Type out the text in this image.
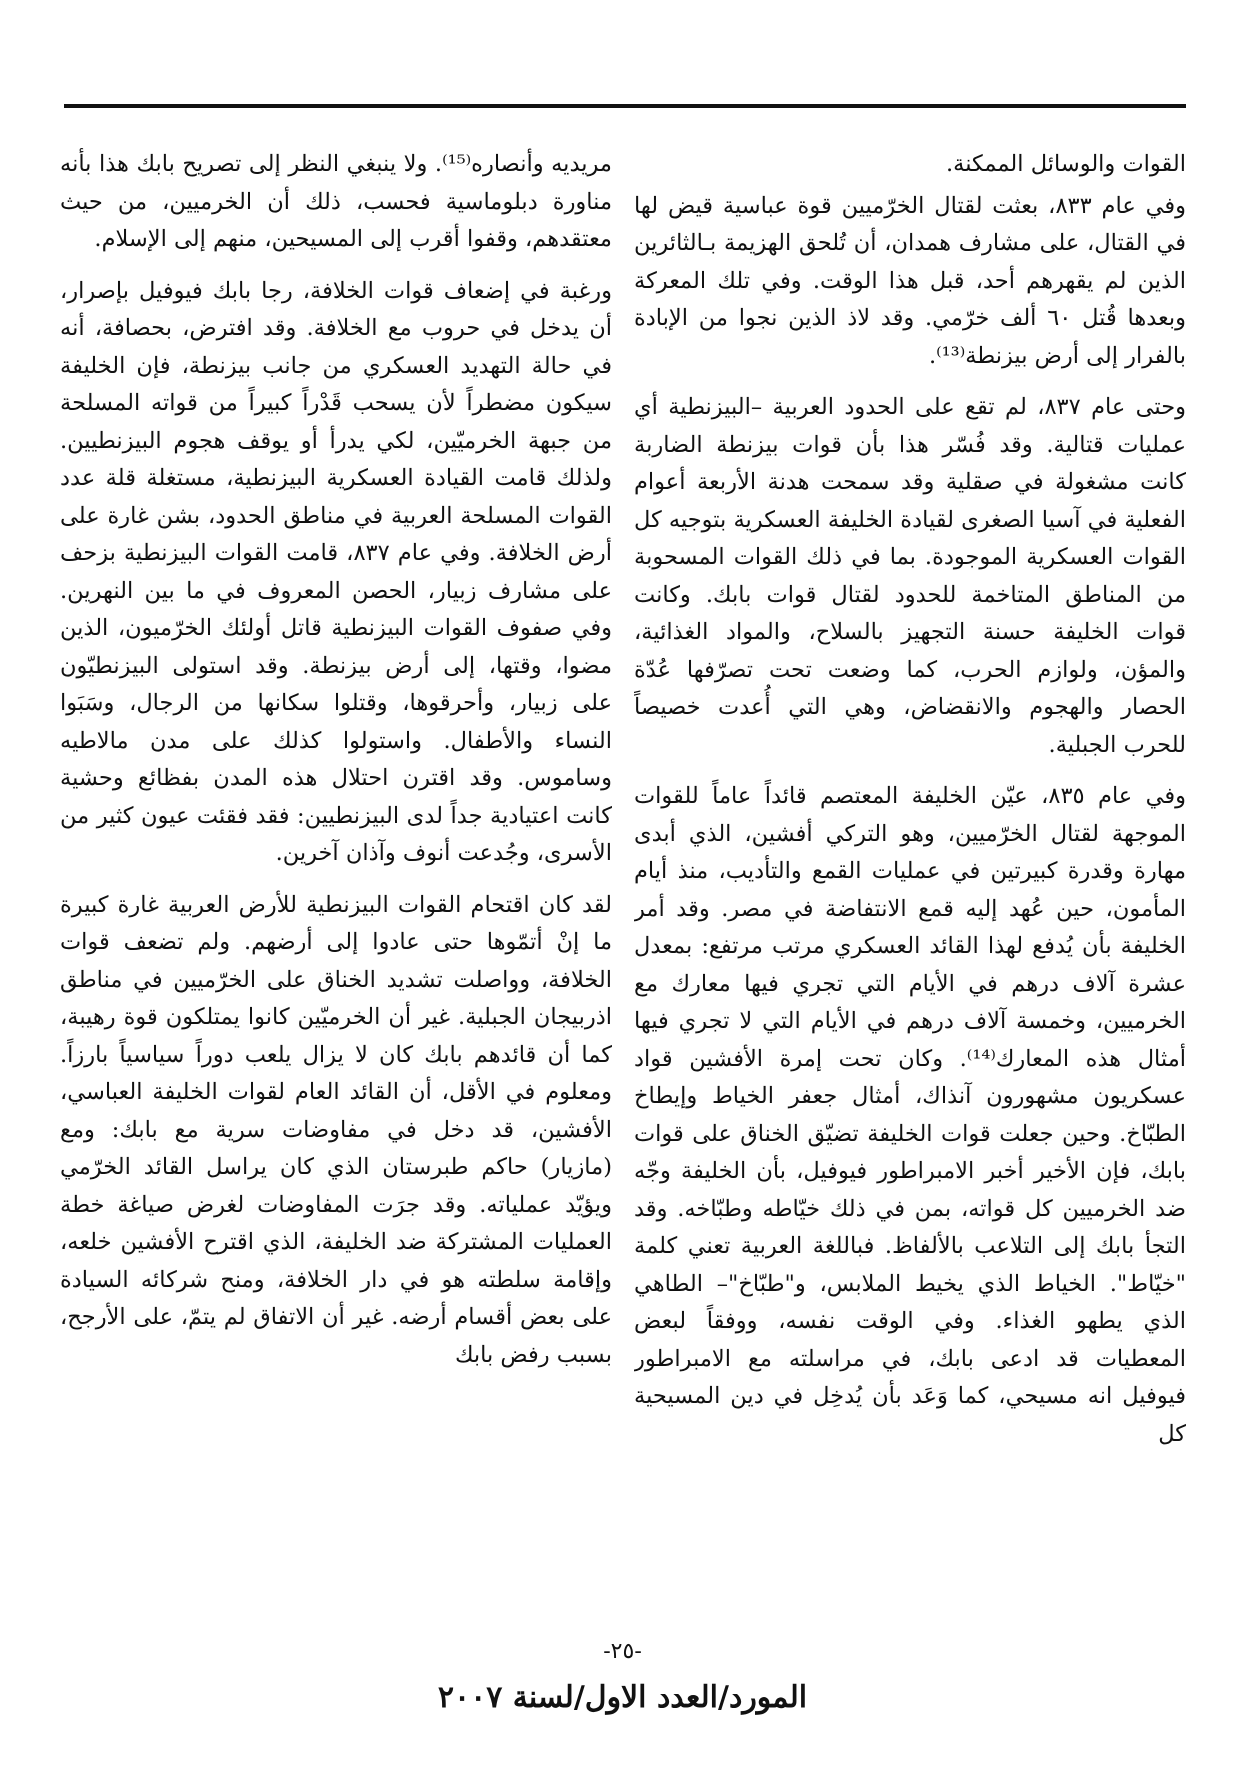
القوات والوسائل الممكنة.

وفي عام ٨٣٣، بعثت لقتال الخرّميين قوة عباسية قيض لها في القتال، على مشارف همدان، أن تُلحق الهزيمة بـالثائرين الذين لم يقهرهم أحد، قبل هذا الوقت. وفي تلك المعركة وبعدها قُتل ٦٠ ألف خرّمي. وقد لاذ الذين نجوا من الإبادة بالفرار إلى أرض بيزنطة⁽¹³⁾.

وحتى عام ٨٣٧، لم تقع على الحدود العربية –البيزنطية أي عمليات قتالية. وقد فُسّر هذا بأن قوات بيزنطة الضاربة كانت مشغولة في صقلية وقد سمحت هدنة الأربعة أعوام الفعلية في آسيا الصغرى لقيادة الخليفة العسكرية بتوجيه كل القوات العسكرية الموجودة. بما في ذلك القوات المسحوبة من المناطق المتاخمة للحدود لقتال قوات بابك. وكانت قوات الخليفة حسنة التجهيز بالسلاح، والمواد الغذائية، والمؤن، ولوازم الحرب، كما وضعت تحت تصرّفها عُدّة الحصار والهجوم والانقضاض، وهي التي أُعدت خصيصاً للحرب الجبلية.

وفي عام ٨٣٥، عيّن الخليفة المعتصم قائداً عاماً للقوات الموجهة لقتال الخرّميين، وهو التركي أفشين، الذي أبدى مهارة وقدرة كبيرتين في عمليات القمع والتأديب، منذ أيام المأمون، حين عُهد إليه قمع الانتفاضة في مصر. وقد أمر الخليفة بأن يُدفع لهذا القائد العسكري مرتب مرتفع: بمعدل عشرة آلاف درهم في الأيام التي تجري فيها معارك مع الخرميين، وخمسة آلاف درهم في الأيام التي لا تجري فيها أمثال هذه المعارك⁽¹⁴⁾. وكان تحت إمرة الأفشين قواد عسكريون مشهورون آنذاك، أمثال جعفر الخياط وإيطاخ الطبّاخ. وحين جعلت قوات الخليفة تضيّق الخناق على قوات بابك، فإن الأخير أخبر الامبراطور فيوفيل، بأن الخليفة وجّه ضد الخرميين كل قواته، بمن في ذلك خيّاطه وطبّاخه. وقد التجأ بابك إلى التلاعب بالألفاظ. فباللغة العربية تعني كلمة "خيّاط". الخياط الذي يخيط الملابس، و"طبّاخ"– الطاهي الذي يطهو الغذاء. وفي الوقت نفسه، ووفقاً لبعض المعطيات قد ادعى بابك، في مراسلته مع الامبراطور فيوفيل انه مسيحي، كما وَعَد بأن يُدخِل في دين المسيحية كل

مريديه وأنصاره⁽¹⁵⁾. ولا ينبغي النظر إلى تصريح بابك هذا بأنه مناورة دبلوماسية فحسب، ذلك أن الخرميين، من حيث معتقدهم، وقفوا أقرب إلى المسيحين، منهم إلى الإسلام.

ورغبة في إضعاف قوات الخلافة، رجا بابك فيوفيل بإصرار، أن يدخل في حروب مع الخلافة. وقد افترض، بحصافة، أنه في حالة التهديد العسكري من جانب بيزنطة، فإن الخليفة سيكون مضطراً لأن يسحب قَدْراً كبيراً من قواته المسلحة من جبهة الخرميّين، لكي يدرأ أو يوقف هجوم البيزنطيين. ولذلك قامت القيادة العسكرية البيزنطية، مستغلة قلة عدد القوات المسلحة العربية في مناطق الحدود، بشن غارة على أرض الخلافة. وفي عام ٨٣٧، قامت القوات البيزنطية بزحف على مشارف زبيار، الحصن المعروف في ما بين النهرين. وفي صفوف القوات البيزنطية قاتل أولئك الخرّميون، الذين مضوا، وقتها، إلى أرض بيزنطة. وقد استولى البيزنطيّون على زبيار، وأحرقوها، وقتلوا سكانها من الرجال، وسَبَوا النساء والأطفال. واستولوا كذلك على مدن مالاطيه وساموس. وقد اقترن احتلال هذه المدن بفظائع وحشية كانت اعتيادية جداً لدى البيزنطيين: فقد فقئت عيون كثير من الأسرى، وجُدعت أنوف وآذان آخرين.

لقد كان اقتحام القوات البيزنطية للأرض العربية غارة كبيرة ما إنْ أتمّوها حتى عادوا إلى أرضهم. ولم تضعف قوات الخلافة، وواصلت تشديد الخناق على الخرّميين في مناطق اذربيجان الجبلية. غير أن الخرميّين كانوا يمتلكون قوة رهيبة، كما أن قائدهم بابك كان لا يزال يلعب دوراً سياسياً بارزاً. ومعلوم في الأقل، أن القائد العام لقوات الخليفة العباسي، الأفشين، قد دخل في مفاوضات سرية مع بابك: ومع (مازيار) حاكم طبرستان الذي كان يراسل القائد الخرّمي ويؤيّد عملياته. وقد جرَت المفاوضات لغرض صياغة خطة العمليات المشتركة ضد الخليفة، الذي اقترح الأفشين خلعه، وإقامة سلطته هو في دار الخلافة، ومنح شركائه السيادة على بعض أقسام أرضه. غير أن الاتفاق لم يتمّ، على الأرجح، بسبب رفض بابك

-٢٥-
المورد/العدد الاول/لسنة ٢٠٠٧
